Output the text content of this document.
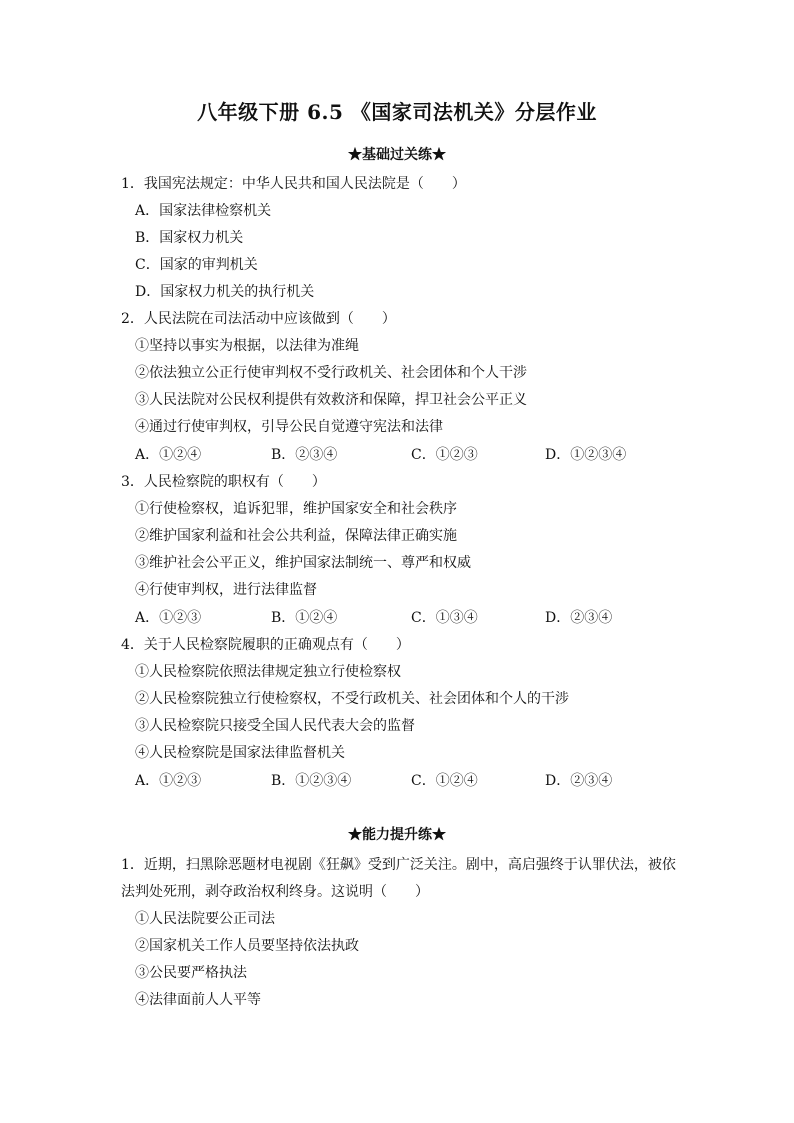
八年级下册 6.5 《国家司法机关》分层作业
★基础过关练★
1．我国宪法规定：中华人民共和国人民法院是（　　）
A．国家法律检察机关
B．国家权力机关
C．国家的审判机关
D．国家权力机关的执行机关
2．人民法院在司法活动中应该做到（　　）
①坚持以事实为根据，以法律为准绳
②依法独立公正行使审判权不受行政机关、社会团体和个人干涉
③人民法院对公民权利提供有效救济和保障，捍卫社会公平正义
④通过行使审判权，引导公民自觉遵守宪法和法律
A．①②④	B．②③④	C．①②③	D．①②③④
3．人民检察院的职权有（　　）
①行使检察权，追诉犯罪，维护国家安全和社会秩序
②维护国家利益和社会公共利益，保障法律正确实施
③维护社会公平正义，维护国家法制统一、尊严和权威
④行使审判权，进行法律监督
A．①②③	B．①②④	C．①③④	D．②③④
4．关于人民检察院履职的正确观点有（　　）
①人民检察院依照法律规定独立行使检察权
②人民检察院独立行使检察权，不受行政机关、社会团体和个人的干涉
③人民检察院只接受全国人民代表大会的监督
④人民检察院是国家法律监督机关
A．①②③	B．①②③④	C．①②④	D．②③④
★能力提升练★
1．近期，扫黑除恶题材电视剧《狂飙》受到广泛关注。剧中，高启强终于认罪伏法，被依
法判处死刑，剥夺政治权利终身。这说明（　　）
①人民法院要公正司法
②国家机关工作人员要坚持依法执政
③公民要严格执法
④法律面前人人平等
